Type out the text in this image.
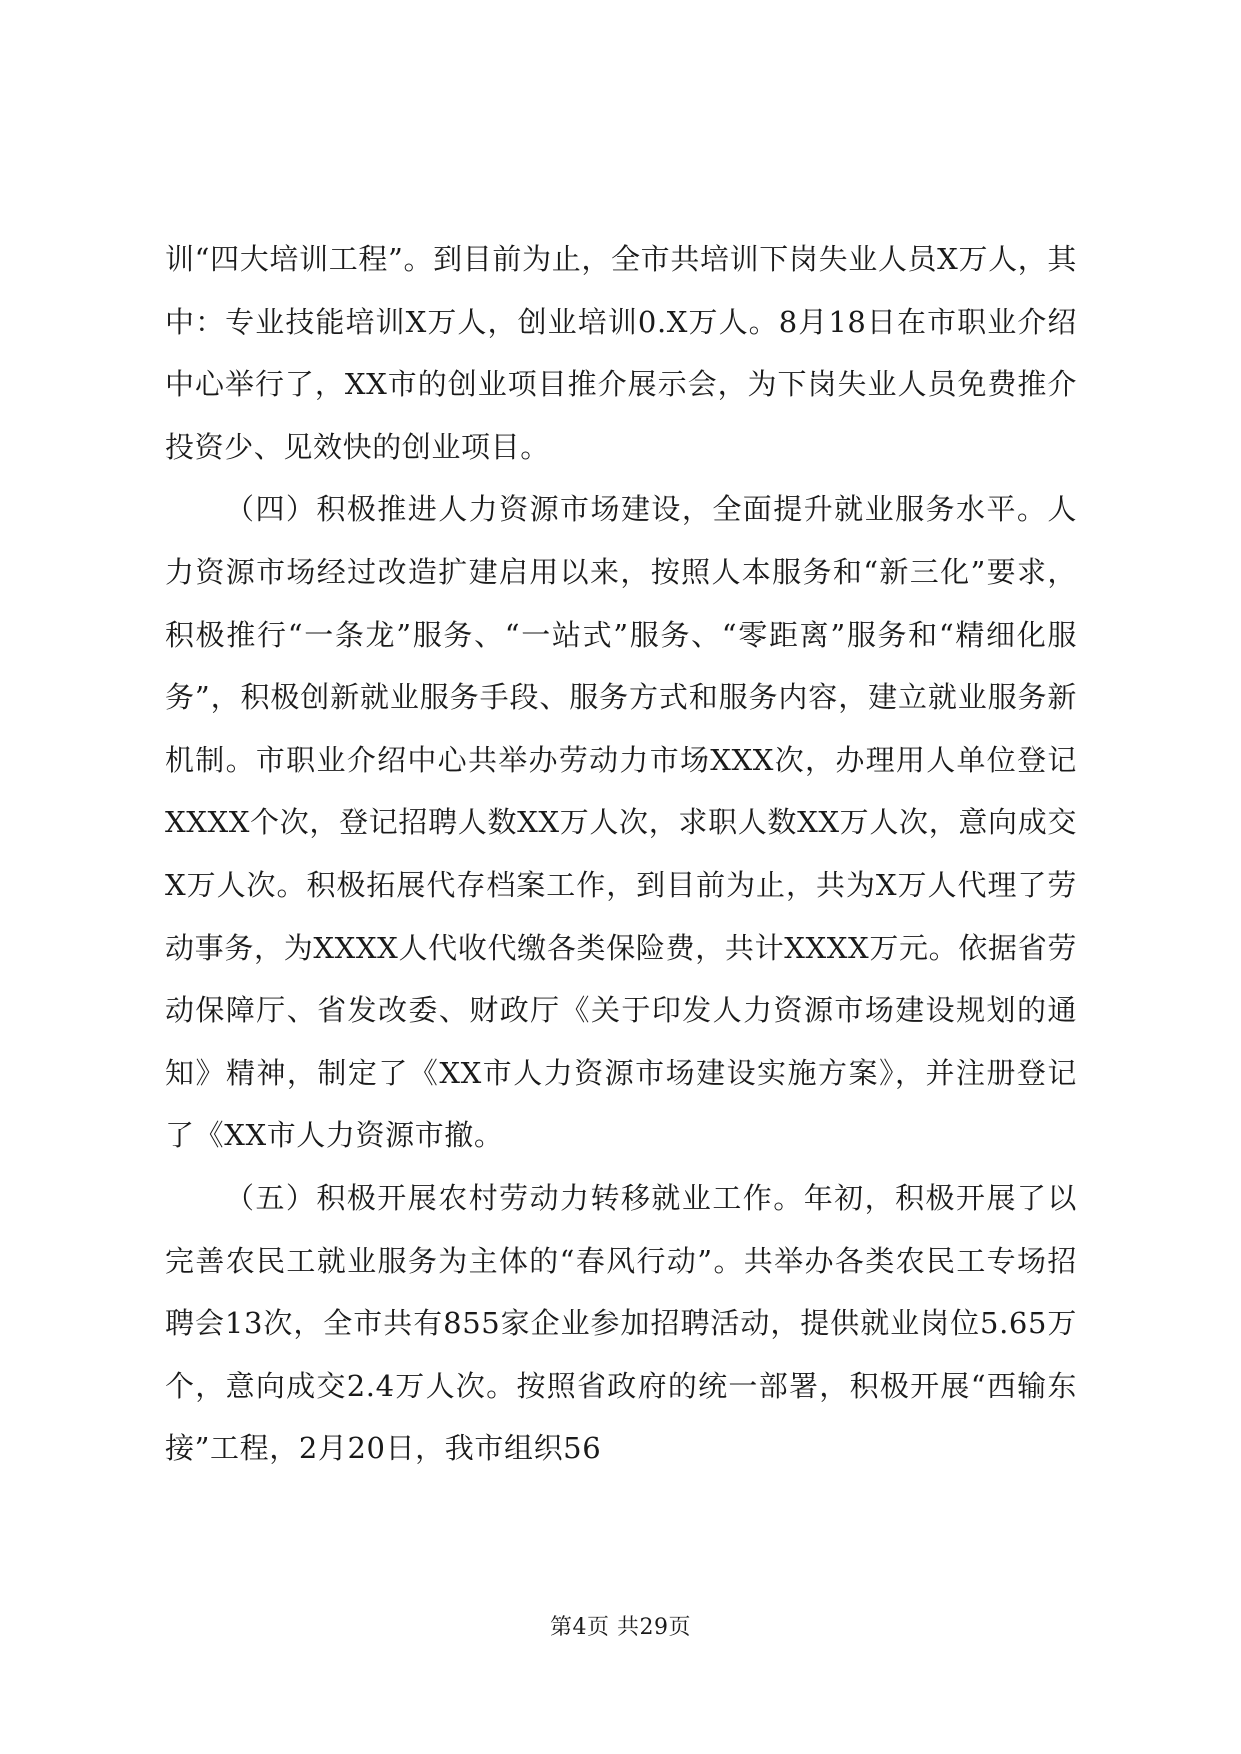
训“四大培训工程”。到目前为止，全市共培训下岗失业人员X万人，其中：专业技能培训X万人，创业培训0.X万人。8月18日在市职业介绍中心举行了，XX市的创业项目推介展示会，为下岗失业人员免费推介投资少、见效快的创业项目。

（四）积极推进人力资源市场建设，全面提升就业服务水平。人力资源市场经过改造扩建启用以来，按照人本服务和“新三化”要求，积极推行“一条龙”服务、“一站式”服务、“零距离”服务和“精细化服务”，积极创新就业服务手段、服务方式和服务内容，建立就业服务新机制。市职业介绍中心共举办劳动力市场XXX次，办理用人单位登记XXXX个次，登记招聘人数XX万人次，求职人数XX万人次，意向成交X万人次。积极拓展代存档案工作，到目前为止，共为X万人代理了劳动事务，为XXXX人代收代缴各类保险费，共计XXXX万元。依据省劳动保障厅、省发改委、财政厅《关于印发人力资源市场建设规划的通知》精神，制定了《XX市人力资源市场建设实施方案》，并注册登记了《XX市人力资源市撤。

（五）积极开展农村劳动力转移就业工作。年初，积极开展了以完善农民工就业服务为主体的“春风行动”。共举办各类农民工专场招聘会13次，全市共有855家企业参加招聘活动，提供就业岗位5.65万个，意向成交2.4万人次。按照省政府的统一部署，积极开展“西输东接”工程，2月20日，我市组织56

第4页 共29页
